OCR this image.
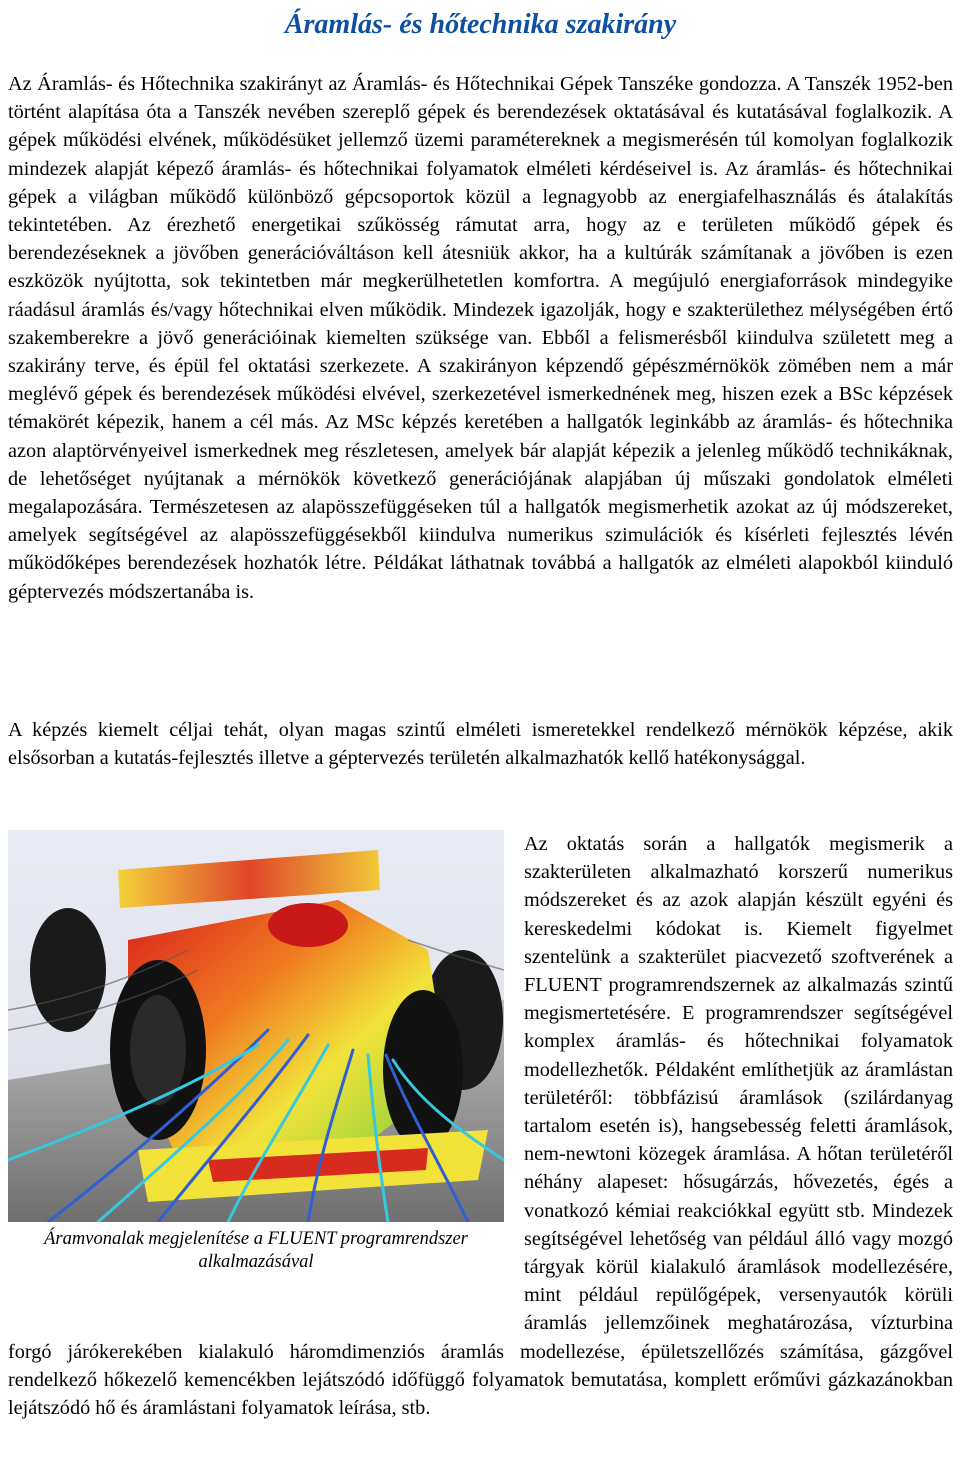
Áramlás- és hőtechnika szakirány

Az Áramlás- és Hőtechnika szakirányt az Áramlás- és Hőtechnikai Gépek Tanszéke gondozza. A Tanszék 1952-ben történt alapítása óta a Tanszék nevében szereplő gépek és berendezések oktatásával és kutatásával foglalkozik. A gépek működési elvének, működésüket jellemző üzemi paramétereknek a megismerésén túl komolyan foglalkozik mindezek alapját képező áramlás- és hőtechnikai folyamatok elméleti kérdéseivel is. Az áramlás- és hőtechnikai gépek a világban működő különböző gépcsoportok közül a legnagyobb az energiafelhasználás és átalakítás tekintetében. Az érezhető energetikai szűkösség rámutat arra, hogy az e területen működő gépek és berendezéseknek a jövőben generációváltáson kell átesniük akkor, ha a kultúrák számítanak a jövőben is ezen eszközök nyújtotta, sok tekintetben már megkerülhetetlen komfortra. A megújuló energiaforrások mindegyike ráadásul áramlás és/vagy hőtechnikai elven működik. Mindezek igazolják, hogy e szakterülethez mélységében értő szakemberekre a jövő generációinak kiemelten szüksége van. Ebből a felismerésből kiindulva született meg a szakirány terve, és épül fel oktatási szerkezete. A szakirányon képzendő gépészmérnökök zömében nem a már meglévő gépek és berendezések működési elvével, szerkezetével ismerkednének meg, hiszen ezek a BSc képzések témakörét képezik, hanem a cél más. Az MSc képzés keretében a hallgatók leginkább az áramlás- és hőtechnika azon alaptörvényeivel ismerkednek meg részletesen, amelyek bár alapját képezik a jelenleg működő technikáknak, de lehetőséget nyújtanak a mérnökök következő generációjának alapjában új műszaki gondolatok elméleti megalapozására. Természetesen az alapösszefüggéseken túl a hallgatók megismerhetik azokat az új módszereket, amelyek segítségével az alapösszefüggésekből kiindulva numerikus szimulációk és kísérleti fejlesztés lévén működőképes berendezések hozhatók létre. Példákat láthatnak továbbá a hallgatók az elméleti alapokból kiinduló géptervezés módszertanába is.

A képzés kiemelt céljai tehát, olyan magas szintű elméleti ismeretekkel rendelkező mérnökök képzése, akik elsősorban a kutatás-fejlesztés illetve a géptervezés területén alkalmazhatók kellő hatékonysággal.

Áramvonalak megjelenítése a FLUENT programrendszer alkalmazásával
Az oktatás során a hallgatók megismerik a szakterületen alkalmazható korszerű numerikus módszereket és az azok alapján készült egyéni és kereskedelmi kódokat is. Kiemelt figyelmet szentelünk a szakterület piacvezető szoftverének a FLUENT programrendszernek az alkalmazás szintű megismertetésére. E programrendszer segítségével komplex áramlás- és hőtechnikai folyamatok modellezhetők. Példaként említhetjük az áramlástan területéről: többfázisú áramlások (szilárdanyag tartalom esetén is), hangsebesség feletti áramlások, nem-newtoni közegek áramlása. A hőtan területéről néhány alapeset: hősugárzás, hővezetés, égés a vonatkozó kémiai reakciókkal együtt stb. Mindezek segítségével lehetőség van például álló vagy mozgó tárgyak körül kialakuló áramlások modellezésére, mint például repülőgépek, versenyautók körüli áramlás jellemzőinek meghatározása, vízturbina forgó járókerekében kialakuló háromdimenziós áramlás modellezése, épületszellőzés számítása, gázgővel rendelkező hőkezelő kemencékben lejátszódó időfüggő folyamatok bemutatása, komplett erőművi gázkazánokban lejátszódó hő és áramlástani folyamatok leírása, stb.
